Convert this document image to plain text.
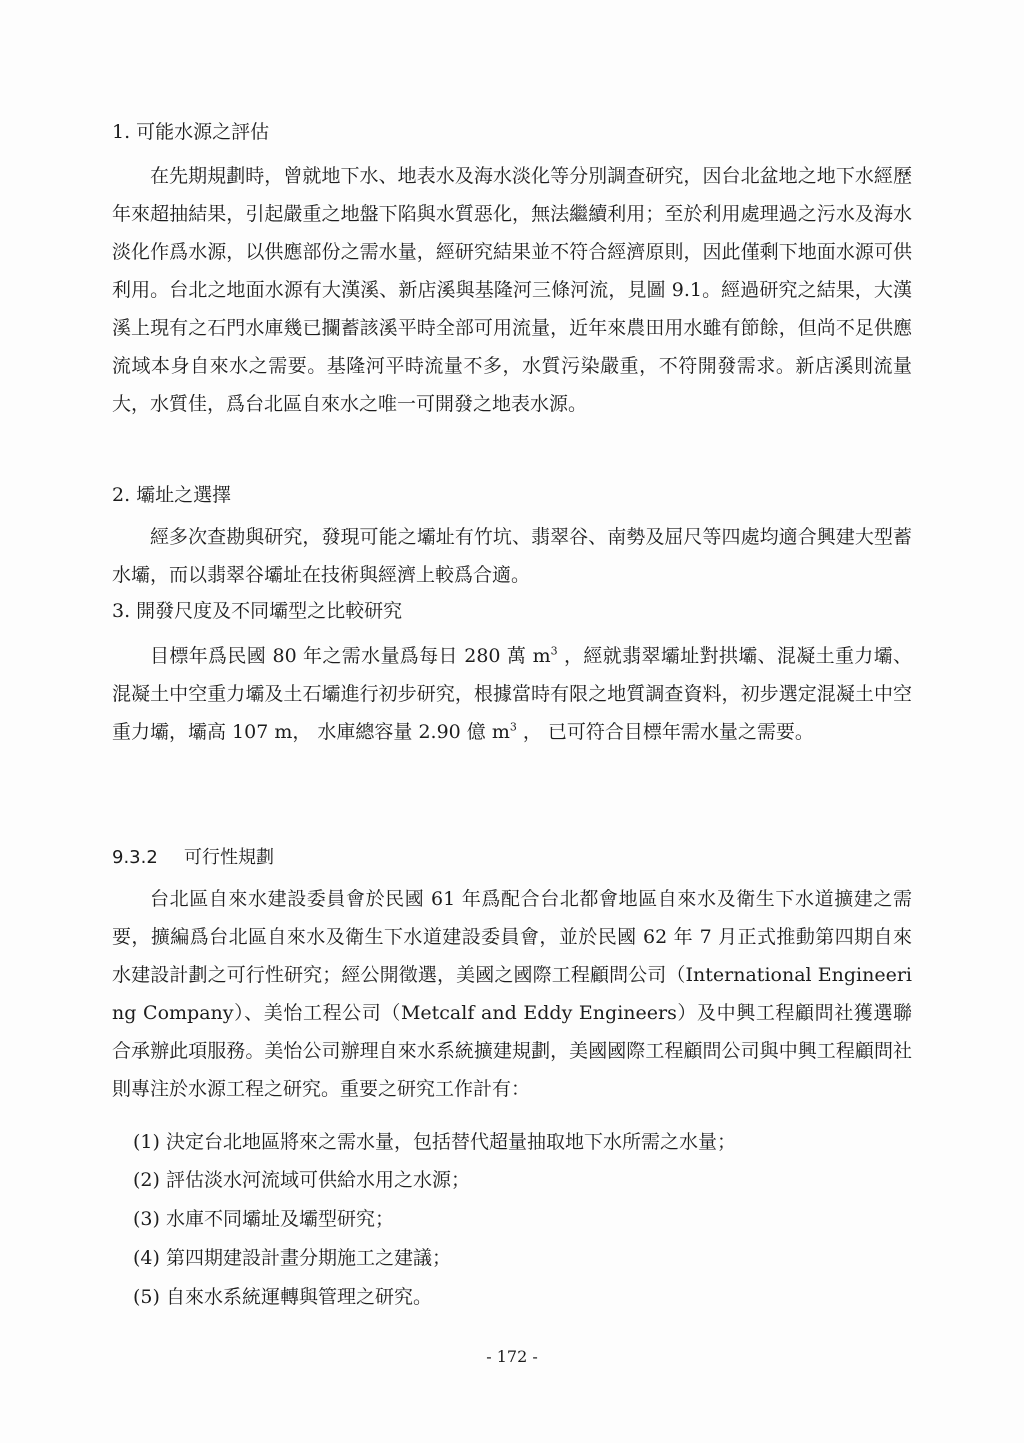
1. 可能水源之評估
在先期規劃時，曾就地下水、地表水及海水淡化等分別調查研究，因台北盆地之地下水經歷年來超抽結果，引起嚴重之地盤下陷與水質惡化，無法繼續利用；至於利用處理過之污水及海水淡化作爲水源，以供應部份之需水量，經研究結果並不符合經濟原則，因此僅剩下地面水源可供利用。台北之地面水源有大漢溪、新店溪與基隆河三條河流，見圖 9.1。經過研究之結果，大漢溪上現有之石門水庫幾已攔蓄該溪平時全部可用流量，近年來農田用水雖有節餘，但尚不足供應流域本身自來水之需要。基隆河平時流量不多，水質污染嚴重，不符開發需求。新店溪則流量大，水質佳，爲台北區自來水之唯一可開發之地表水源。
2. 壩址之選擇
經多次查勘與研究，發現可能之壩址有竹坑、翡翠谷、南勢及屈尺等四處均適合興建大型蓄水壩，而以翡翠谷壩址在技術與經濟上較爲合適。
3. 開發尺度及不同壩型之比較研究
目標年爲民國 80 年之需水量爲每日 280 萬 $m^3$ ，經就翡翠壩址對拱壩、混凝土重力壩、混凝土中空重力壩及土石壩進行初步研究，根據當時有限之地質調查資料，初步選定混凝土中空重力壩，壩高 107 m， 水庫總容量 2.90 億 $m^3$ ， 已可符合目標年需水量之需要。
9.3.2 可行性規劃
台北區自來水建設委員會於民國 61 年爲配合台北都會地區自來水及衛生下水道擴建之需要，擴編爲台北區自來水及衛生下水道建設委員會，並於民國 62 年 7 月正式推動第四期自來水建設計劃之可行性研究；經公開徵選，美國之國際工程顧問公司（International Engineering Company）、美怡工程公司（Metcalf and Eddy Engineers）及中興工程顧問社獲選聯合承辦此項服務。美怡公司辦理自來水系統擴建規劃，美國國際工程顧問公司與中興工程顧問社則專注於水源工程之研究。重要之研究工作計有：
(1) 決定台北地區將來之需水量，包括替代超量抽取地下水所需之水量；
(2) 評估淡水河流域可供給水用之水源；
(3) 水庫不同壩址及壩型研究；
(4) 第四期建設計畫分期施工之建議；
(5) 自來水系統運轉與管理之研究。
- 172 -
